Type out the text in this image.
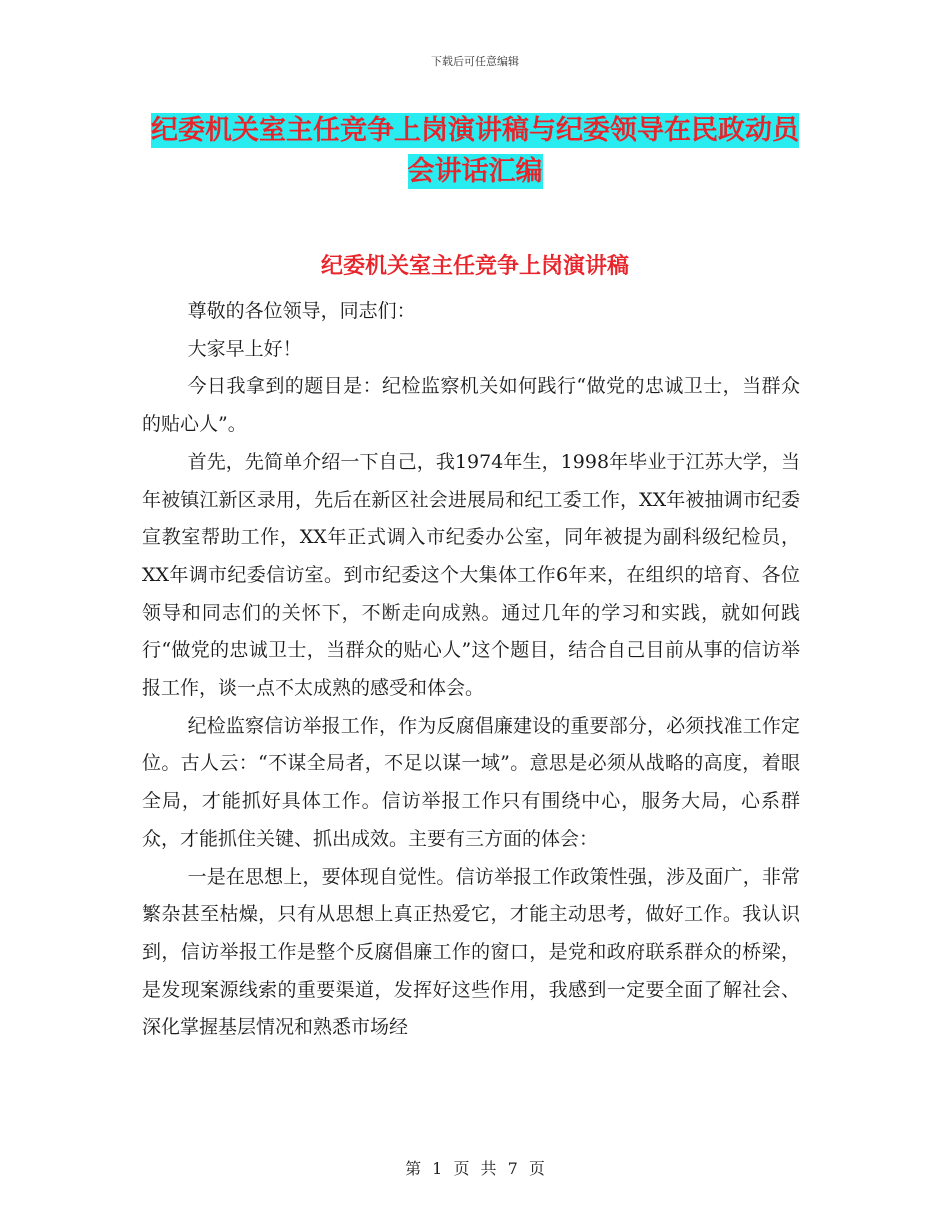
下载后可任意编辑
纪委机关室主任竞争上岗演讲稿与纪委领导在民政动员会讲话汇编
纪委机关室主任竞争上岗演讲稿

尊敬的各位领导，同志们：

大家早上好！

今日我拿到的题目是：纪检监察机关如何践行“做党的忠诚卫士，当群众的贴心人”。

首先，先简单介绍一下自己，我1974年生，1998年毕业于江苏大学，当年被镇江新区录用，先后在新区社会进展局和纪工委工作，XX年被抽调市纪委宣教室帮助工作，XX年正式调入市纪委办公室，同年被提为副科级纪检员，XX年调市纪委信访室。到市纪委这个大集体工作6年来，在组织的培育、各位领导和同志们的关怀下，不断走向成熟。通过几年的学习和实践，就如何践行“做党的忠诚卫士，当群众的贴心人”这个题目，结合自己目前从事的信访举报工作，谈一点不太成熟的感受和体会。

纪检监察信访举报工作，作为反腐倡廉建设的重要部分，必须找准工作定位。古人云：“不谋全局者，不足以谋一域”。意思是必须从战略的高度，着眼全局，才能抓好具体工作。信访举报工作只有围绕中心，服务大局，心系群众，才能抓住关键、抓出成效。主要有三方面的体会：

一是在思想上，要体现自觉性。信访举报工作政策性强，涉及面广，非常繁杂甚至枯燥，只有从思想上真正热爱它，才能主动思考，做好工作。我认识到，信访举报工作是整个反腐倡廉工作的窗口，是党和政府联系群众的桥梁，是发现案源线索的重要渠道，发挥好这些作用，我感到一定要全面了解社会、深化掌握基层情况和熟悉市场经

第 1 页 共 7 页
